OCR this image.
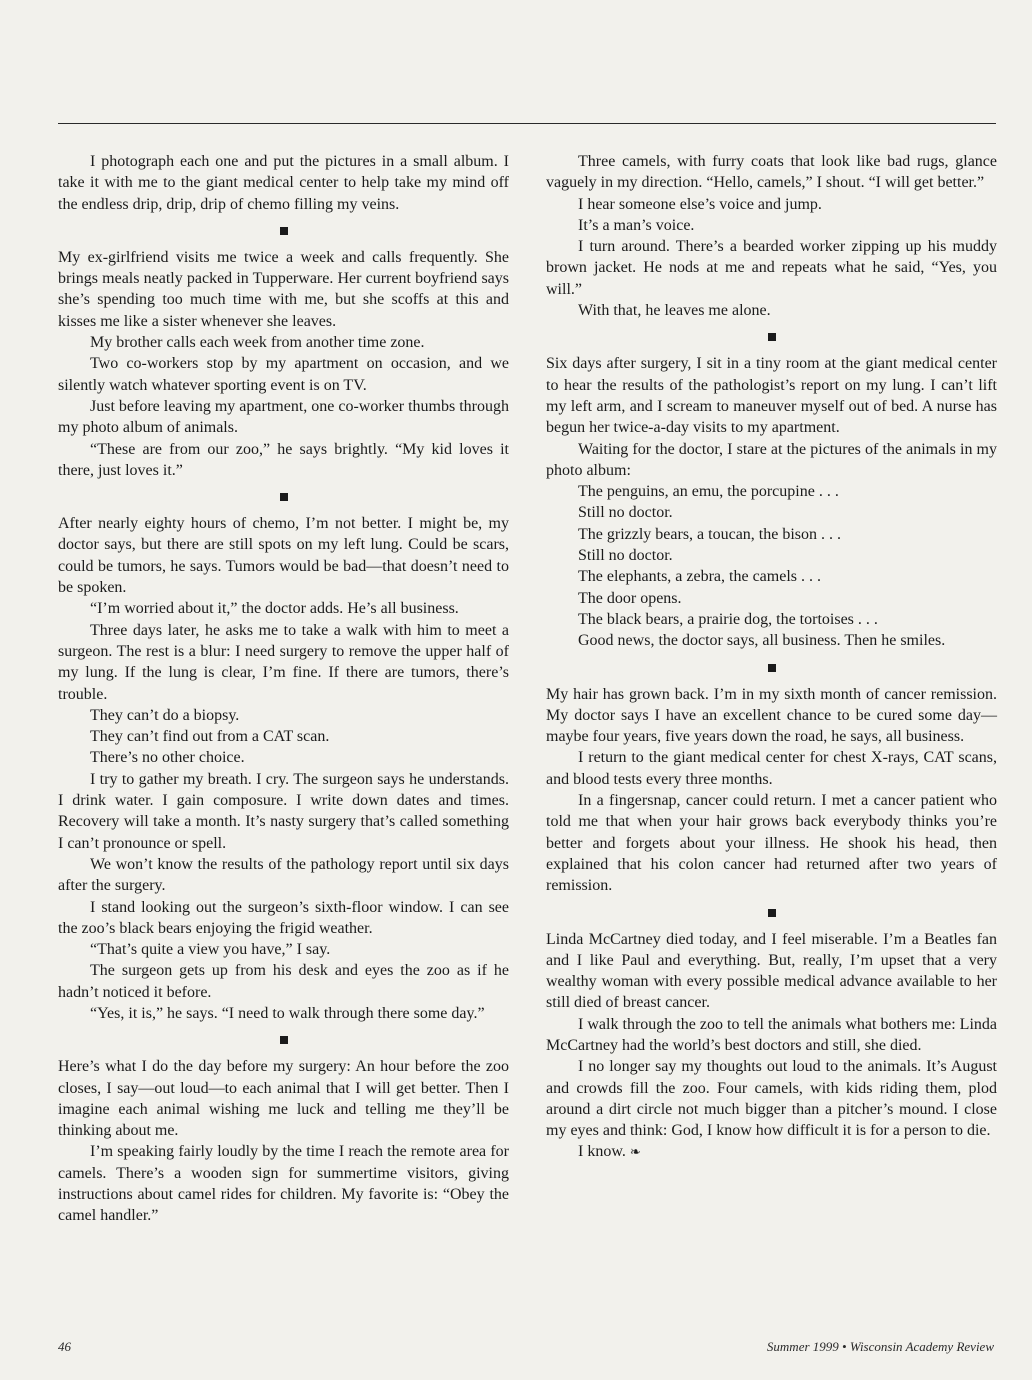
I photograph each one and put the pictures in a small album. I take it with me to the giant medical center to help take my mind off the endless drip, drip, drip of chemo filling my veins.

My ex-girlfriend visits me twice a week and calls frequently. She brings meals neatly packed in Tupperware. Her current boyfriend says she’s spending too much time with me, but she scoffs at this and kisses me like a sister whenever she leaves.

My brother calls each week from another time zone.

Two co-workers stop by my apartment on occasion, and we silently watch whatever sporting event is on TV.

Just before leaving my apartment, one co-worker thumbs through my photo album of animals.

“These are from our zoo,” he says brightly. “My kid loves it there, just loves it.”

After nearly eighty hours of chemo, I’m not better. I might be, my doctor says, but there are still spots on my left lung. Could be scars, could be tumors, he says. Tumors would be bad—that doesn’t need to be spoken.

“I’m worried about it,” the doctor adds. He’s all business.

Three days later, he asks me to take a walk with him to meet a surgeon. The rest is a blur: I need surgery to remove the upper half of my lung. If the lung is clear, I’m fine. If there are tumors, there’s trouble.

They can’t do a biopsy.

They can’t find out from a CAT scan.

There’s no other choice.

I try to gather my breath. I cry. The surgeon says he understands. I drink water. I gain composure. I write down dates and times. Recovery will take a month. It’s nasty surgery that’s called something I can’t pronounce or spell.

We won’t know the results of the pathology report until six days after the surgery.

I stand looking out the surgeon’s sixth-floor window. I can see the zoo’s black bears enjoying the frigid weather.

“That’s quite a view you have,” I say.

The surgeon gets up from his desk and eyes the zoo as if he hadn’t noticed it before.

“Yes, it is,” he says. “I need to walk through there some day.”

Here’s what I do the day before my surgery: An hour before the zoo closes, I say—out loud—to each animal that I will get better. Then I imagine each animal wishing me luck and telling me they’ll be thinking about me.

I’m speaking fairly loudly by the time I reach the remote area for camels. There’s a wooden sign for summertime visitors, giving instructions about camel rides for children. My favorite is: “Obey the camel handler.”

Three camels, with furry coats that look like bad rugs, glance vaguely in my direction. “Hello, camels,” I shout. “I will get better.”

I hear someone else’s voice and jump.

It’s a man’s voice.

I turn around. There’s a bearded worker zipping up his muddy brown jacket. He nods at me and repeats what he said, “Yes, you will.”

With that, he leaves me alone.

Six days after surgery, I sit in a tiny room at the giant medical center to hear the results of the pathologist’s report on my lung. I can’t lift my left arm, and I scream to maneuver myself out of bed. A nurse has begun her twice-a-day visits to my apartment.

Waiting for the doctor, I stare at the pictures of the animals in my photo album:

The penguins, an emu, the porcupine . . .

Still no doctor.

The grizzly bears, a toucan, the bison . . .

Still no doctor.

The elephants, a zebra, the camels . . .

The door opens.

The black bears, a prairie dog, the tortoises . . .

Good news, the doctor says, all business. Then he smiles.

My hair has grown back. I’m in my sixth month of cancer remission. My doctor says I have an excellent chance to be cured some day—maybe four years, five years down the road, he says, all business.

I return to the giant medical center for chest X-rays, CAT scans, and blood tests every three months.

In a fingersnap, cancer could return. I met a cancer patient who told me that when your hair grows back everybody thinks you’re better and forgets about your illness. He shook his head, then explained that his colon cancer had returned after two years of remission.

Linda McCartney died today, and I feel miserable. I’m a Beatles fan and I like Paul and everything. But, really, I’m upset that a very wealthy woman with every possible medical advance available to her still died of breast cancer.

I walk through the zoo to tell the animals what bothers me: Linda McCartney had the world’s best doctors and still, she died.

I no longer say my thoughts out loud to the animals. It’s August and crowds fill the zoo. Four camels, with kids riding them, plod around a dirt circle not much bigger than a pitcher’s mound. I close my eyes and think: God, I know how difficult it is for a person to die.

I know. ❧

46	Summer 1999 • Wisconsin Academy Review
